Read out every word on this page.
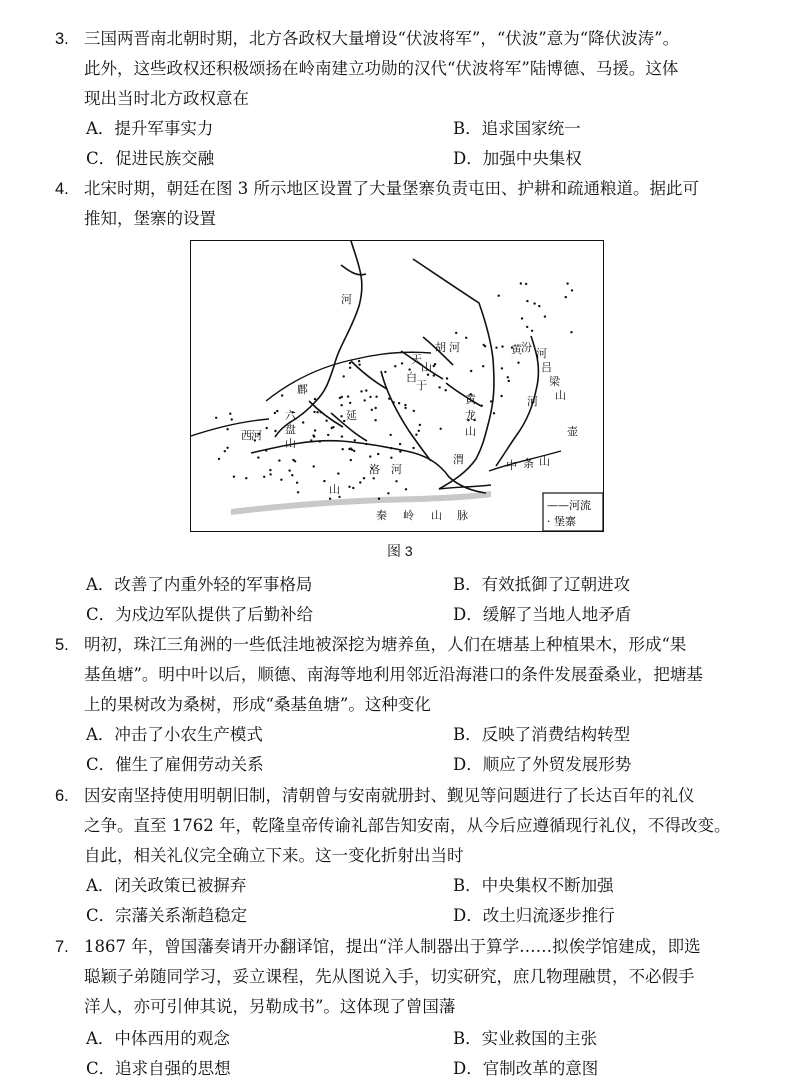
3. 三国两晋南北朝时期，北方各政权大量增设“伏波将军”，“伏波”意为“降伏波涛”。
此外，这些政权还积极颂扬在岭南建立功勋的汉代“伏波将军”陆博德、马援。这体
现出当时北方政权意在
A．提升军事实力	B．追求国家统一
C．促进民族交融	D．加强中央集权
4. 北宋时期，朝廷在图 3 所示地区设置了大量堡寨负责屯田、护耕和疏通粮道。据此可
推知，堡寨的设置
河
鄜
延
天
山
白
于
胡 河
黄
龙
山
渭	中 条 山
汾 河
吕
梁
山
壶
六
盘
山
西 河
洛 河
山
秦 岭 山 脉
黄
河
——河流
· 堡寨
图 3
A．改善了内重外轻的军事格局	B．有效抵御了辽朝进攻
C．为戍边军队提供了后勤补给	D．缓解了当地人地矛盾
5. 明初，珠江三角洲的一些低洼地被深挖为塘养鱼，人们在塘基上种植果木，形成“果
基鱼塘”。明中叶以后，顺德、南海等地利用邻近沿海港口的条件发展蚕桑业，把塘基
上的果树改为桑树，形成“桑基鱼塘”。这种变化
A．冲击了小农生产模式	B．反映了消费结构转型
C．催生了雇佣劳动关系	D．顺应了外贸发展形势
6. 因安南坚持使用明朝旧制，清朝曾与安南就册封、觐见等问题进行了长达百年的礼仪
之争。直至 1762 年，乾隆皇帝传谕礼部告知安南，从今后应遵循现行礼仪，不得改变。
自此，相关礼仪完全确立下来。这一变化折射出当时
A．闭关政策已被摒弃	B．中央集权不断加强
C．宗藩关系渐趋稳定	D．改土归流逐步推行
7. 1867 年，曾国藩奏请开办翻译馆，提出“洋人制器出于算学……拟俟学馆建成，即选
聪颖子弟随同学习，妥立课程，先从图说入手，切实研究，庶几物理融贯，不必假手
洋人，亦可引伸其说，另勒成书”。这体现了曾国藩
A．中体西用的观念	B．实业救国的主张
C．追求自强的思想	D．官制改革的意图
